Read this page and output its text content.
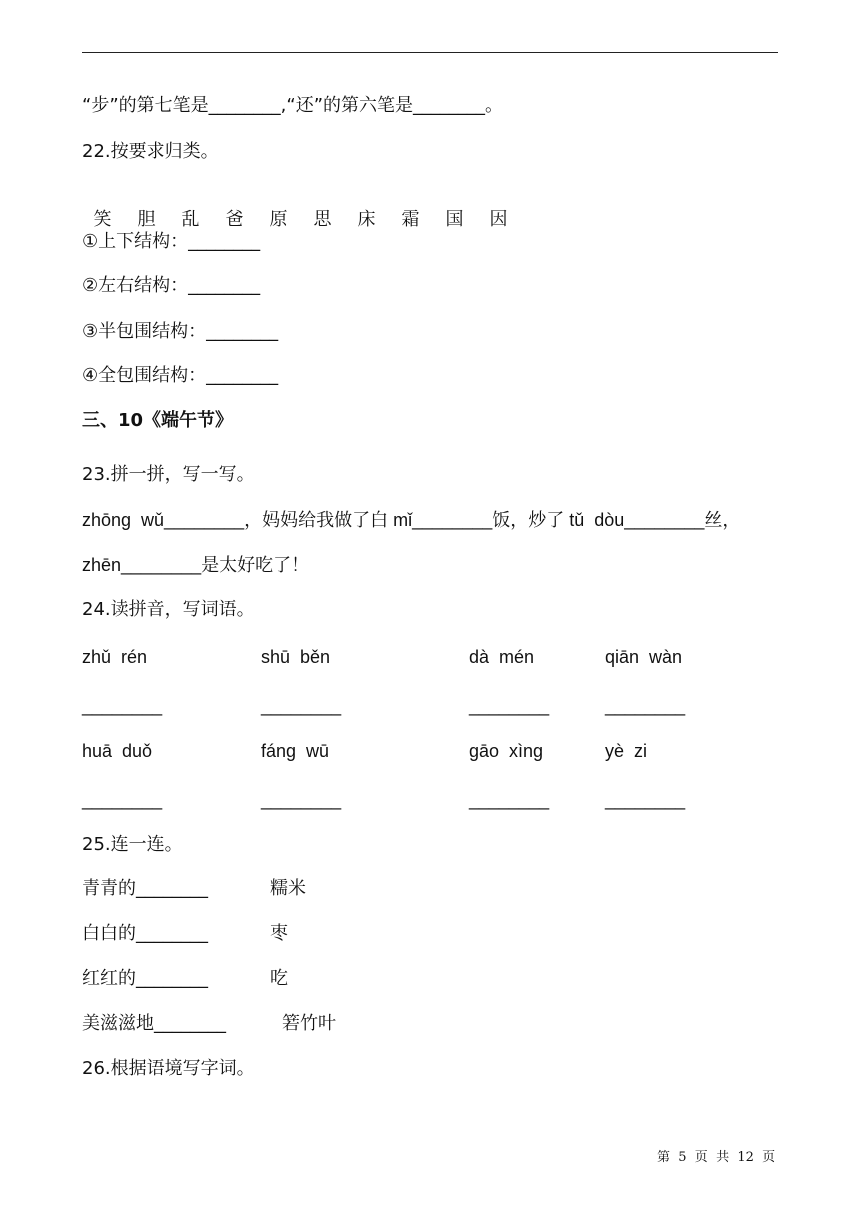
“步”的第七笔是________,“还”的第六笔是________。
22.按要求归类。

笑 胆 乱 爸 原 思 床 霜 国 因

①上下结构：________
②左右结构：________
③半包围结构：________
④全包围结构：________
三、10《端午节》
23.拼一拼，写一写。
zhōng  wǔ________，妈妈给我做了白 mǐ________饭，炒了 tǔ  dòu________丝，
zhēn________是太好吃了！
24.读拼音，写词语。
zhǔ  rén	shū  běn	dà  mén	qiān  wàn
________	________	________	________
huā  duǒ	fáng  wū	gāo  xìng	yè  zi
________	________	________	________
25.连一连。
青青的________	糯米
白白的________	枣
红红的________	吃
美滋滋地________	箬竹叶
26.根据语境写字词。
第  5  页  共  12  页
